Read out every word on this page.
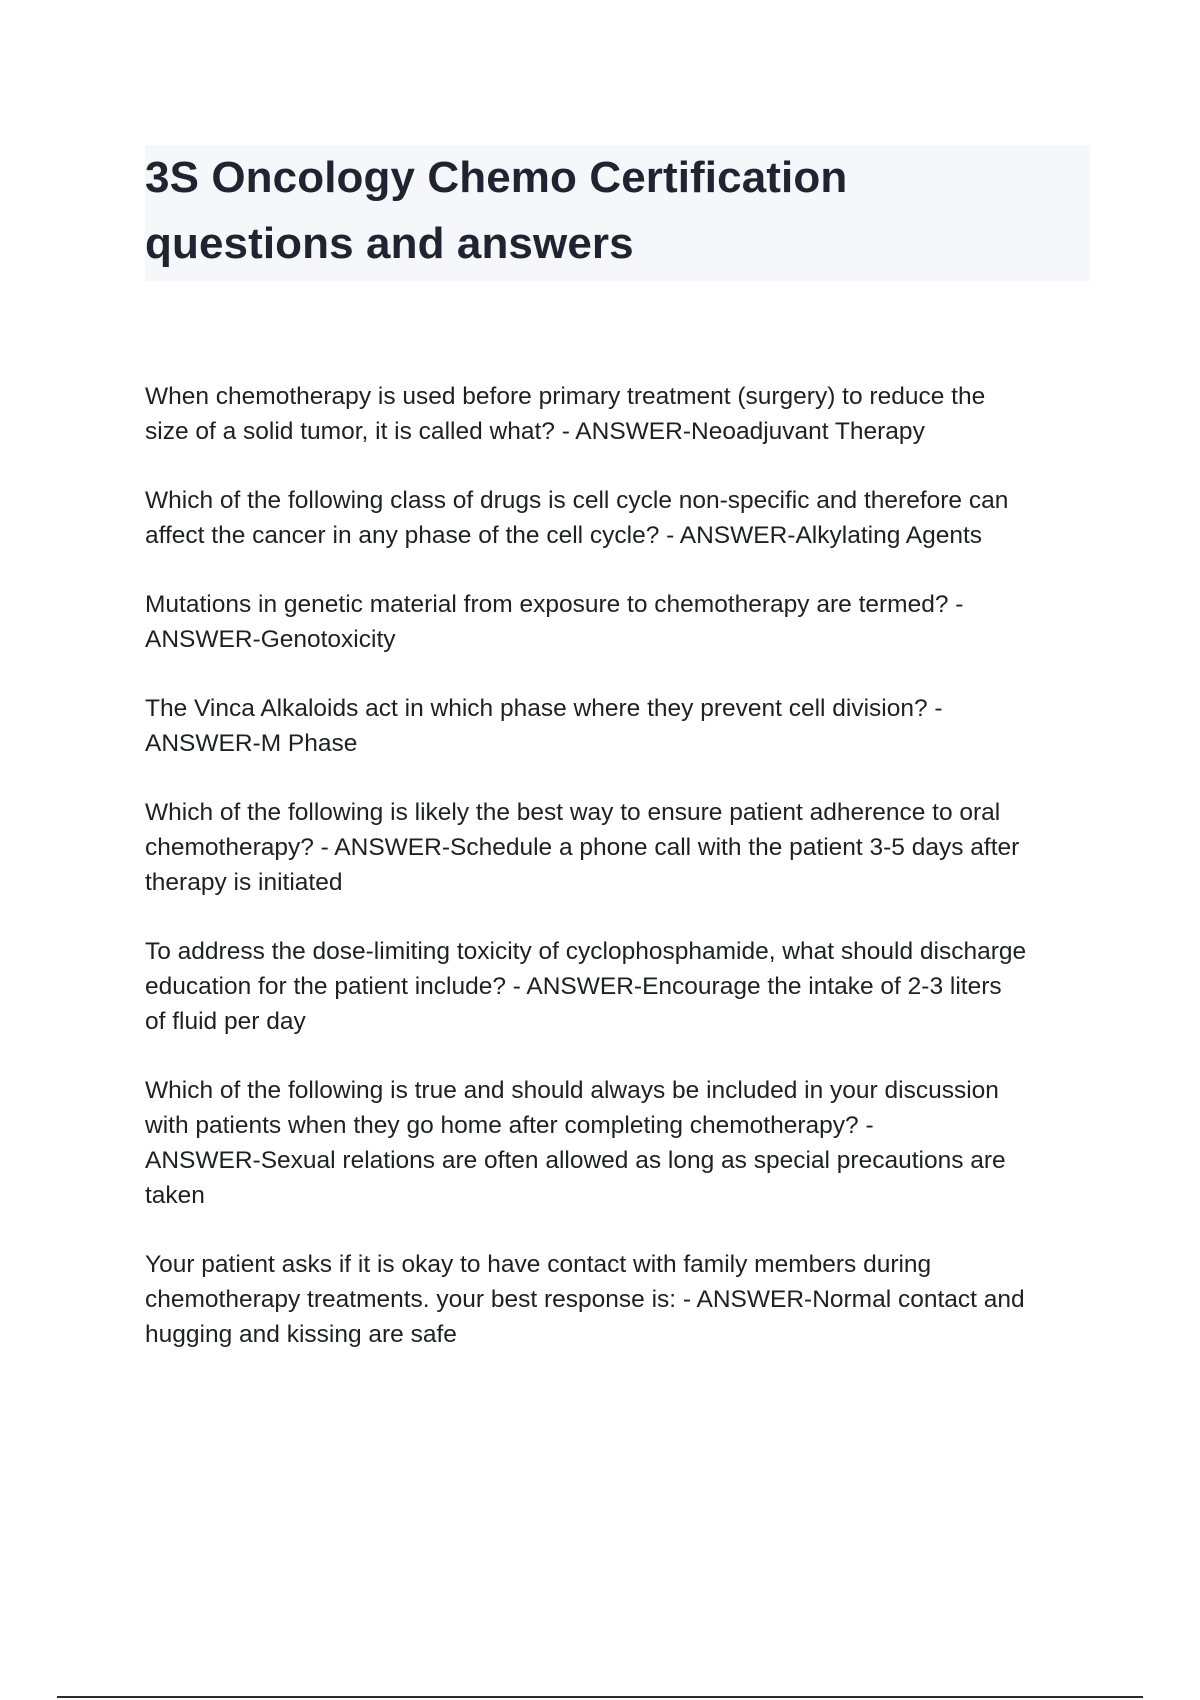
3S Oncology Chemo Certification
questions and answers
When chemotherapy is used before primary treatment (surgery) to reduce the
size of a solid tumor, it is called what? - ANSWER-Neoadjuvant Therapy
Which of the following class of drugs is cell cycle non-specific and therefore can
affect the cancer in any phase of the cell cycle? - ANSWER-Alkylating Agents
Mutations in genetic material from exposure to chemotherapy are termed? -
ANSWER-Genotoxicity
The Vinca Alkaloids act in which phase where they prevent cell division? -
ANSWER-M Phase
Which of the following is likely the best way to ensure patient adherence to oral
chemotherapy? - ANSWER-Schedule a phone call with the patient 3-5 days after
therapy is initiated
To address the dose-limiting toxicity of cyclophosphamide, what should discharge
education for the patient include? - ANSWER-Encourage the intake of 2-3 liters
of fluid per day
Which of the following is true and should always be included in your discussion
with patients when they go home after completing chemotherapy? -
ANSWER-Sexual relations are often allowed as long as special precautions are
taken
Your patient asks if it is okay to have contact with family members during
chemotherapy treatments. your best response is: - ANSWER-Normal contact and
hugging and kissing are safe
